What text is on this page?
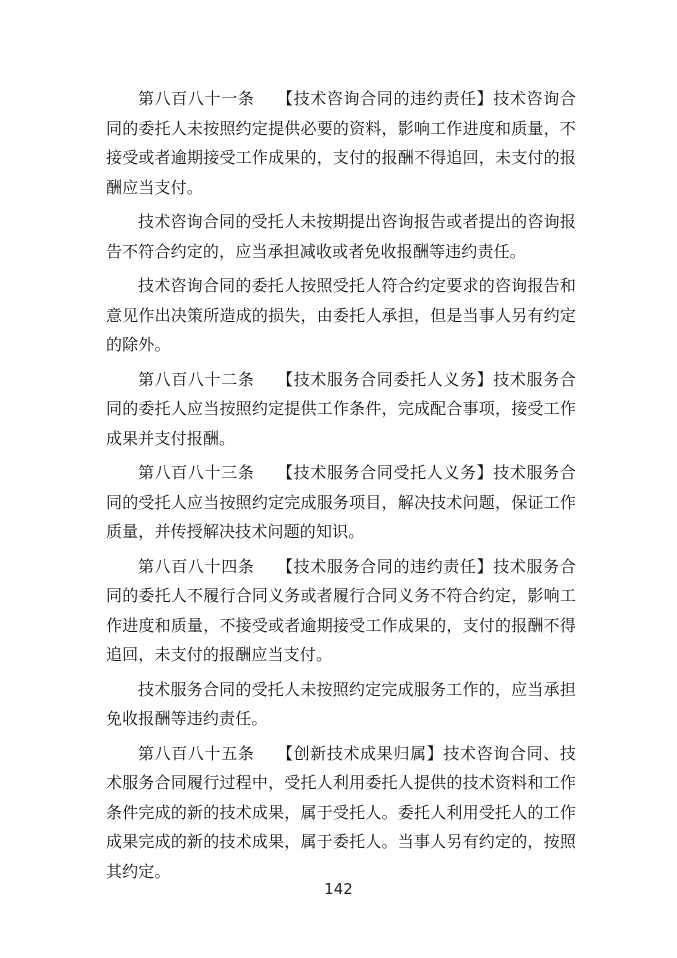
第八百八十一条 【技术咨询合同的违约责任】技术咨询合同的委托人未按照约定提供必要的资料，影响工作进度和质量，不接受或者逾期接受工作成果的，支付的报酬不得追回，未支付的报酬应当支付。

技术咨询合同的受托人未按期提出咨询报告或者提出的咨询报告不符合约定的，应当承担减收或者免收报酬等违约责任。

技术咨询合同的委托人按照受托人符合约定要求的咨询报告和意见作出决策所造成的损失，由委托人承担，但是当事人另有约定的除外。

第八百八十二条 【技术服务合同委托人义务】技术服务合同的委托人应当按照约定提供工作条件，完成配合事项，接受工作成果并支付报酬。

第八百八十三条 【技术服务合同受托人义务】技术服务合同的受托人应当按照约定完成服务项目，解决技术问题，保证工作质量，并传授解决技术问题的知识。

第八百八十四条 【技术服务合同的违约责任】技术服务合同的委托人不履行合同义务或者履行合同义务不符合约定，影响工作进度和质量，不接受或者逾期接受工作成果的，支付的报酬不得追回，未支付的报酬应当支付。

技术服务合同的受托人未按照约定完成服务工作的，应当承担免收报酬等违约责任。

第八百八十五条 【创新技术成果归属】技术咨询合同、技术服务合同履行过程中，受托人利用委托人提供的技术资料和工作条件完成的新的技术成果，属于受托人。委托人利用受托人的工作成果完成的新的技术成果，属于委托人。当事人另有约定的，按照其约定。

142
